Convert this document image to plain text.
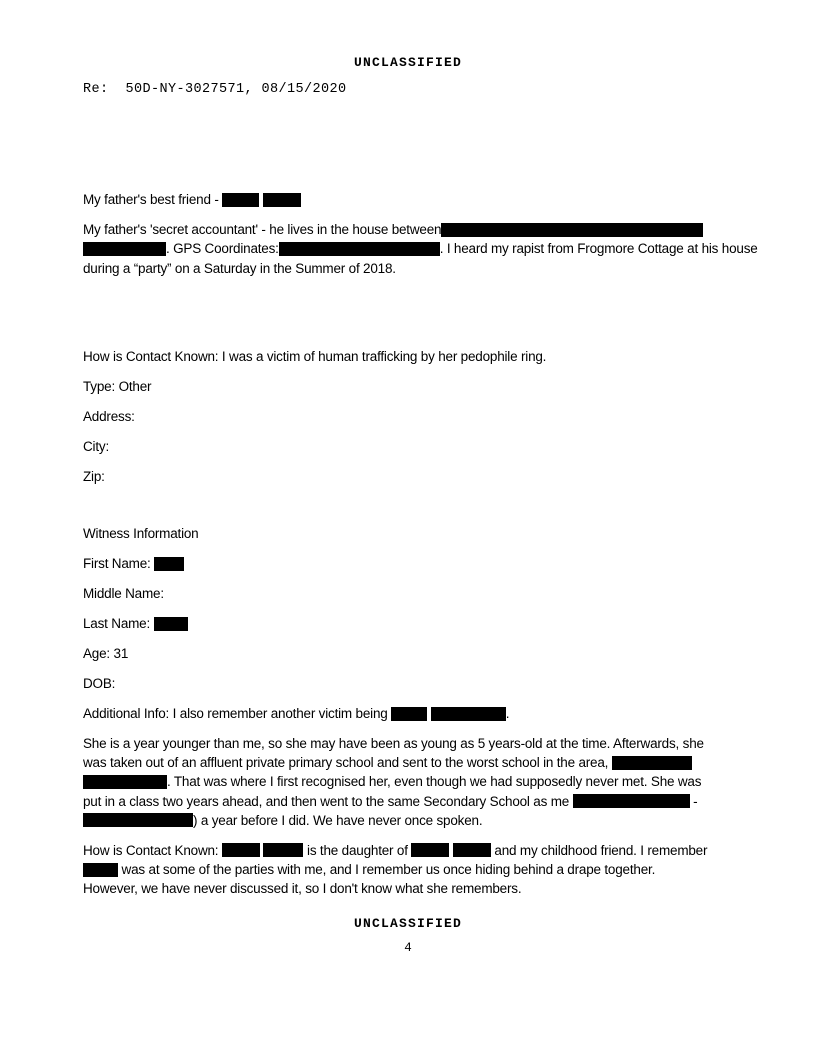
UNCLASSIFIED
Re:  50D-NY-3027571, 08/15/2020
My father's best friend -
My father's 'secret accountant' - he lives in the house between
. GPS Coordinates:	. I heard my rapist from Frogmore Cottage at his house
during a “party” on a Saturday in the Summer of 2018.
How is Contact Known: I was a victim of human trafficking by her pedophile ring.
Type: Other
Address:
City:
Zip:
Witness Information
First Name:
Middle Name:
Last Name:
Age: 31
DOB:
Additional Info: I also remember another victim being	.
She is a year younger than me, so she may have been as young as 5 years-old at the time. Afterwards, she
was taken out of an affluent private primary school and sent to the worst school in the area,
. That was where I first recognised her, even though we had supposedly never met. She was
put in a class two years ahead, and then went to the same Secondary School as me	-
) a year before I did. We have never once spoken.
How is Contact Known:	is the daughter of	and my childhood friend. I remember
was at some of the parties with me, and I remember us once hiding behind a drape together.
However, we have never discussed it, so I don't know what she remembers.
UNCLASSIFIED
4
